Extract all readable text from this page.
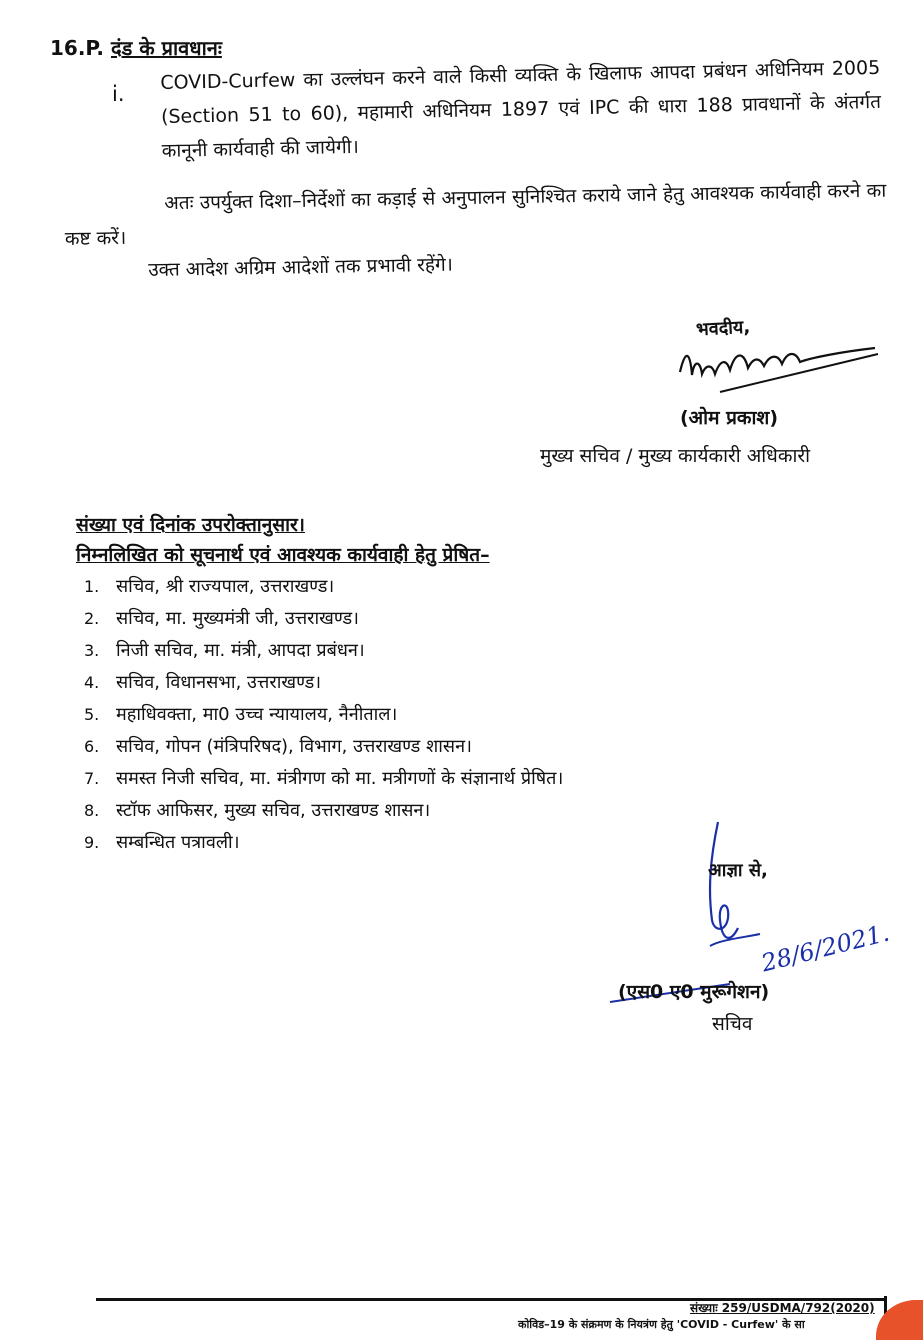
16.P. दंड के प्रावधानः
i.
COVID-Curfew का उल्लंघन करने वाले किसी व्यक्ति के खिलाफ आपदा प्रबंधन अधिनियम 2005 (Section 51 to 60), महामारी अधिनियम 1897 एवं IPC की धारा 188 प्रावधानों के अंतर्गत कानूनी कार्यवाही की जायेगी।
अतः उपर्युक्त दिशा–निर्देशों का कड़ाई से अनुपालन सुनिश्चित कराये जाने हेतु आवश्यक कार्यवाही करने का कष्ट करें।
उक्त आदेश अग्रिम आदेशों तक प्रभावी रहेंगे।
भवदीय,
(ओम प्रकाश)
मुख्य सचिव / मुख्य कार्यकारी अधिकारी
संख्या एवं दिनांक उपरोक्तानुसार।
निम्नलिखित को सूचनार्थ एवं आवश्यक कार्यवाही हेतु प्रेषित–
1. सचिव, श्री राज्यपाल, उत्तराखण्ड।
2. सचिव, मा. मुख्यमंत्री जी, उत्तराखण्ड।
3. निजी सचिव, मा. मंत्री, आपदा प्रबंधन।
4. सचिव, विधानसभा, उत्तराखण्ड।
5. महाधिवक्ता, मा0 उच्च न्यायालय, नैनीताल।
6. सचिव, गोपन (मंत्रिपरिषद), विभाग, उत्तराखण्ड शासन।
7. समस्त निजी सचिव, मा. मंत्रीगण को मा. मत्रीगणों के संज्ञानार्थ प्रेषित।
8. स्टॉफ आफिसर, मुख्य सचिव, उत्तराखण्ड शासन।
9. सम्बन्धित पत्रावली।
आज्ञा से,
28/6/2021.
(एस0 ए0 मुरूगेशन)
सचिव
संख्याः 259/USDMA/792(2020)
कोविड–19 के संक्रमण के नियत्रंण हेतु 'COVID - Curfew' के सा
